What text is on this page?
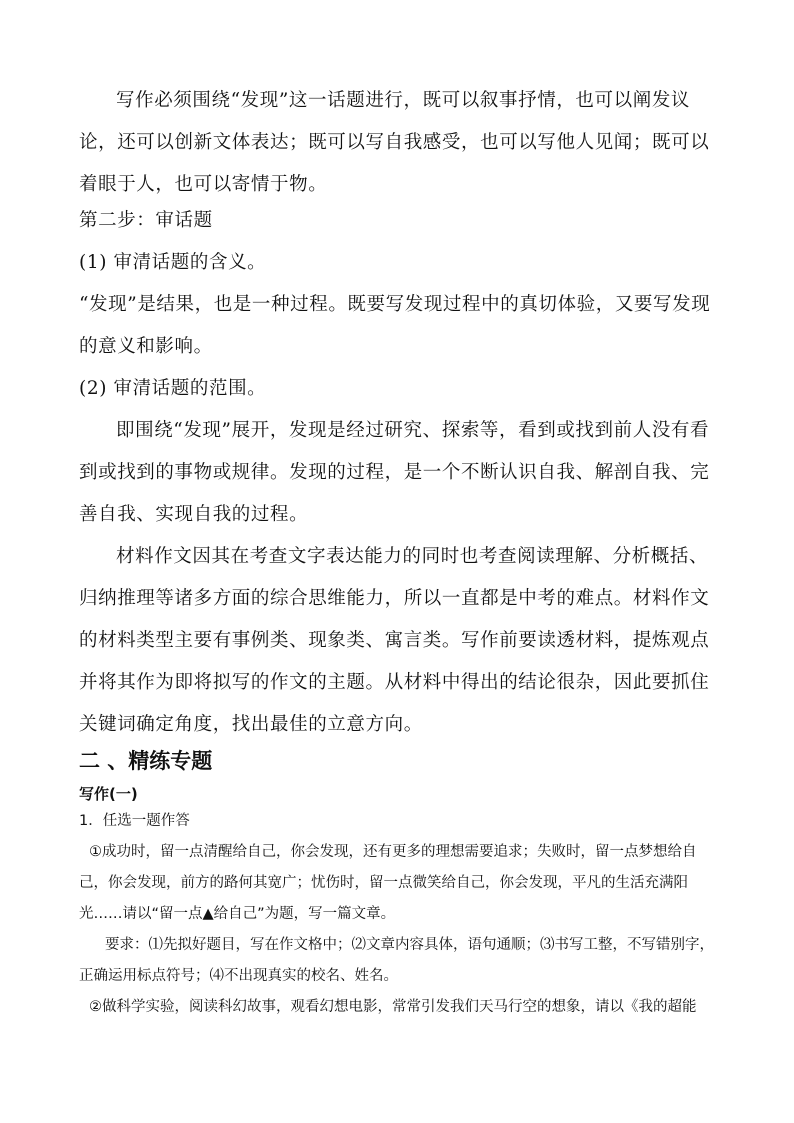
写作必须围绕“发现”这一话题进行，既可以叙事抒情，也可以阐发议论，还可以创新文体表达；既可以写自我感受，也可以写他人见闻；既可以着眼于人，也可以寄情于物。

第二步：审话题

(1) 审清话题的含义。

“发现”是结果，也是一种过程。既要写发现过程中的真切体验，又要写发现的意义和影响。

(2) 审清话题的范围。

即围绕“发现”展开，发现是经过研究、探索等，看到或找到前人没有看到或找到的事物或规律。发现的过程，是一个不断认识自我、解剖自我、完善自我、实现自我的过程。

材料作文因其在考查文字表达能力的同时也考查阅读理解、分析概括、归纳推理等诸多方面的综合思维能力，所以一直都是中考的难点。材料作文的材料类型主要有事例类、现象类、寓言类。写作前要读透材料，提炼观点并将其作为即将拟写的作文的主题。从材料中得出的结论很杂，因此要抓住关键词确定角度，找出最佳的立意方向。

二 、精练专题
写作(一)

1．任选一题作答

①成功时，留一点清醒给自己，你会发现，还有更多的理想需要追求；失败时，留一点梦想给自己，你会发现，前方的路何其宽广；忧伤时，留一点微笑给自己，你会发现，平凡的生活充满阳光……请以“留一点▲给自己”为题，写一篇文章。

要求：⑴先拟好题目，写在作文格中；⑵文章内容具体，语句通顺；⑶书写工整，不写错别字，正确运用标点符号；⑷不出现真实的校名、姓名。

②做科学实验，阅读科幻故事，观看幻想电影，常常引发我们天马行空的想象，请以《我的超能
